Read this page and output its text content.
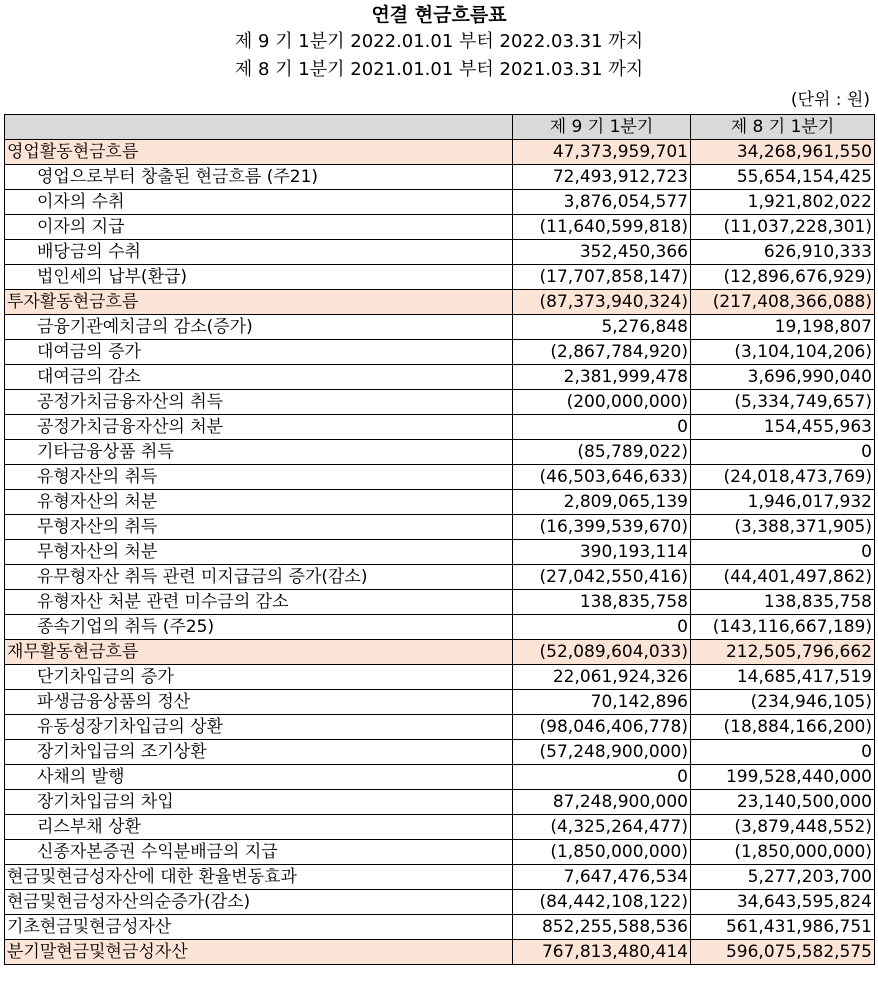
연결 현금흐름표
제 9 기 1분기 2022.01.01 부터 2022.03.31 까지
제 8 기 1분기 2021.01.01 부터 2021.03.31 까지
(단위 : 원)
	제 9 기 1분기	제 8 기 1분기
영업활동현금흐름	47,373,959,701	34,268,961,550
영업으로부터 창출된 현금흐름 (주21)	72,493,912,723	55,654,154,425
이자의 수취	3,876,054,577	1,921,802,022
이자의 지급	(11,640,599,818)	(11,037,228,301)
배당금의 수취	352,450,366	626,910,333
법인세의 납부(환급)	(17,707,858,147)	(12,896,676,929)
투자활동현금흐름	(87,373,940,324)	(217,408,366,088)
금융기관예치금의 감소(증가)	5,276,848	19,198,807
대여금의 증가	(2,867,784,920)	(3,104,104,206)
대여금의 감소	2,381,999,478	3,696,990,040
공정가치금융자산의 취득	(200,000,000)	(5,334,749,657)
공정가치금융자산의 처분	0	154,455,963
기타금융상품 취득	(85,789,022)	0
유형자산의 취득	(46,503,646,633)	(24,018,473,769)
유형자산의 처분	2,809,065,139	1,946,017,932
무형자산의 취득	(16,399,539,670)	(3,388,371,905)
무형자산의 처분	390,193,114	0
유무형자산 취득 관련 미지급금의 증가(감소)	(27,042,550,416)	(44,401,497,862)
유형자산 처분 관련 미수금의 감소	138,835,758	138,835,758
종속기업의 취득 (주25)	0	(143,116,667,189)
재무활동현금흐름	(52,089,604,033)	212,505,796,662
단기차입금의 증가	22,061,924,326	14,685,417,519
파생금융상품의 정산	70,142,896	(234,946,105)
유동성장기차입금의 상환	(98,046,406,778)	(18,884,166,200)
장기차입금의 조기상환	(57,248,900,000)	0
사채의 발행	0	199,528,440,000
장기차입금의 차입	87,248,900,000	23,140,500,000
리스부채 상환	(4,325,264,477)	(3,879,448,552)
신종자본증권 수익분배금의 지급	(1,850,000,000)	(1,850,000,000)
현금및현금성자산에 대한 환율변동효과	7,647,476,534	5,277,203,700
현금및현금성자산의순증가(감소)	(84,442,108,122)	34,643,595,824
기초현금및현금성자산	852,255,588,536	561,431,986,751
분기말현금및현금성자산	767,813,480,414	596,075,582,575
